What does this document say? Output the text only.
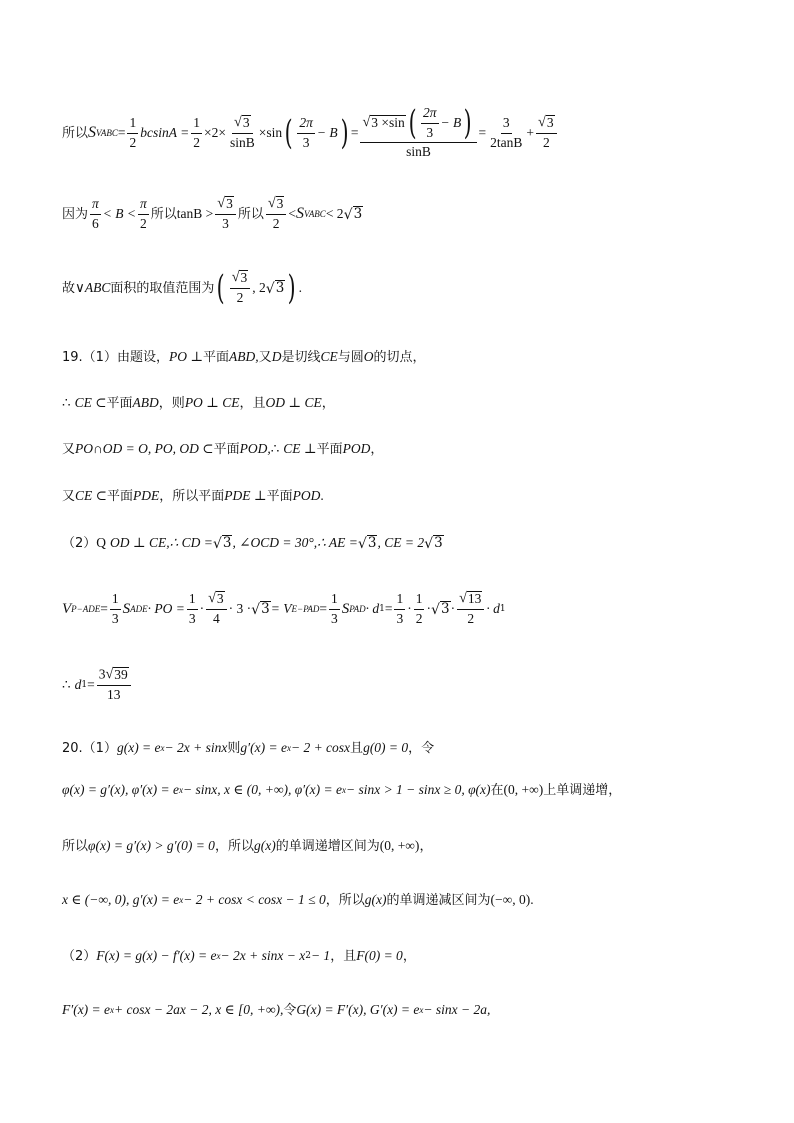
所以 S VABC = $\frac{1}{2}$ $bcsinA = \frac{1}{2} \times 2\times \frac{√ 3}{\sin B} \times\sin$ ( $\frac{2\pi}{3} - B$ ) = $\frac{√ 3 \times\sin ( \frac{2\pi}{3} - B )}{\sin B} = \frac{3}{2\tan B} + \frac{√ 3}{2}$
因为 $\frac{\pi}{6} < B < \frac{\pi}{2}$ 所以 $\tan B > \frac{√ 3}{3}$ 所以 $\frac{√ 3}{2} < S$ VABC < 2 √ 3
故 ∨ABC 面积的取值范围为 ( $\frac{√ 3}{2}$ , 2 √ 3 ) .
19.（1）由题设， PO ⊥ 平面 ABD, 又 D 是切线 CE 与圆 O 的切点，
∴ CE ⊂ 平面 ABD ，则 PO ⊥ CE ，且 OD ⊥ CE ，
又 PO∩OD = O, PO, OD ⊂ 平面 POD, ∴ CE ⊥ 平面 POD ，
又 CE ⊂ 平面 PDE ，所以平面 PDE ⊥ 平面 POD .
（2） Q OD ⊥ CE,∴ CD = √ 3 , ∠OCD = 30°,∴ AE = √ 3 , CE = 2 √ 3
V $P-ADE = \frac{1}{3}$ S ADE · PO = $\frac{1}{3} \cdot \frac{√ 3}{4} \cdot 3$ · √ 3 = V $E-PAD = \frac{1}{3}$ S PAD · d $1 = \frac{1}{3} \cdot \frac{1}{2}$ · √ $3 \cdot \frac{√ 13}{2} \cdot d$ 1
∴ d $1 = \frac{3 √ 39}{13}$
20.（1） g(x) = e x − 2x + sinx 则 g′(x) = e x − 2 + cosx 且 g(0) = 0 ，令
φ(x) = g′(x), φ′(x) = e x − sinx, x ∈ (0, +∞), φ′(x) = e x − sinx > 1 − sinx ≥ 0, φ(x) 在 (0, +∞) 上单调递增，
所以 φ(x) = g′(x) > g′(0) = 0 ，所以 g(x) 的单调递增区间为 (0, +∞) ，
x ∈ (−∞, 0), g′(x) = e x − 2 + cosx < cosx − 1 ≤ 0 ，所以 g(x) 的单调递减区间为 (−∞, 0) .
（2） F(x) = g(x) − f′(x) = e x − 2x + sinx − x 2 − 1 ，且 F(0) = 0 ，
F′(x) = e x + cosx − 2ax − 2, x ∈ [0, +∞), 令 G(x) = F′(x), G′(x) = e x − sinx − 2a,
